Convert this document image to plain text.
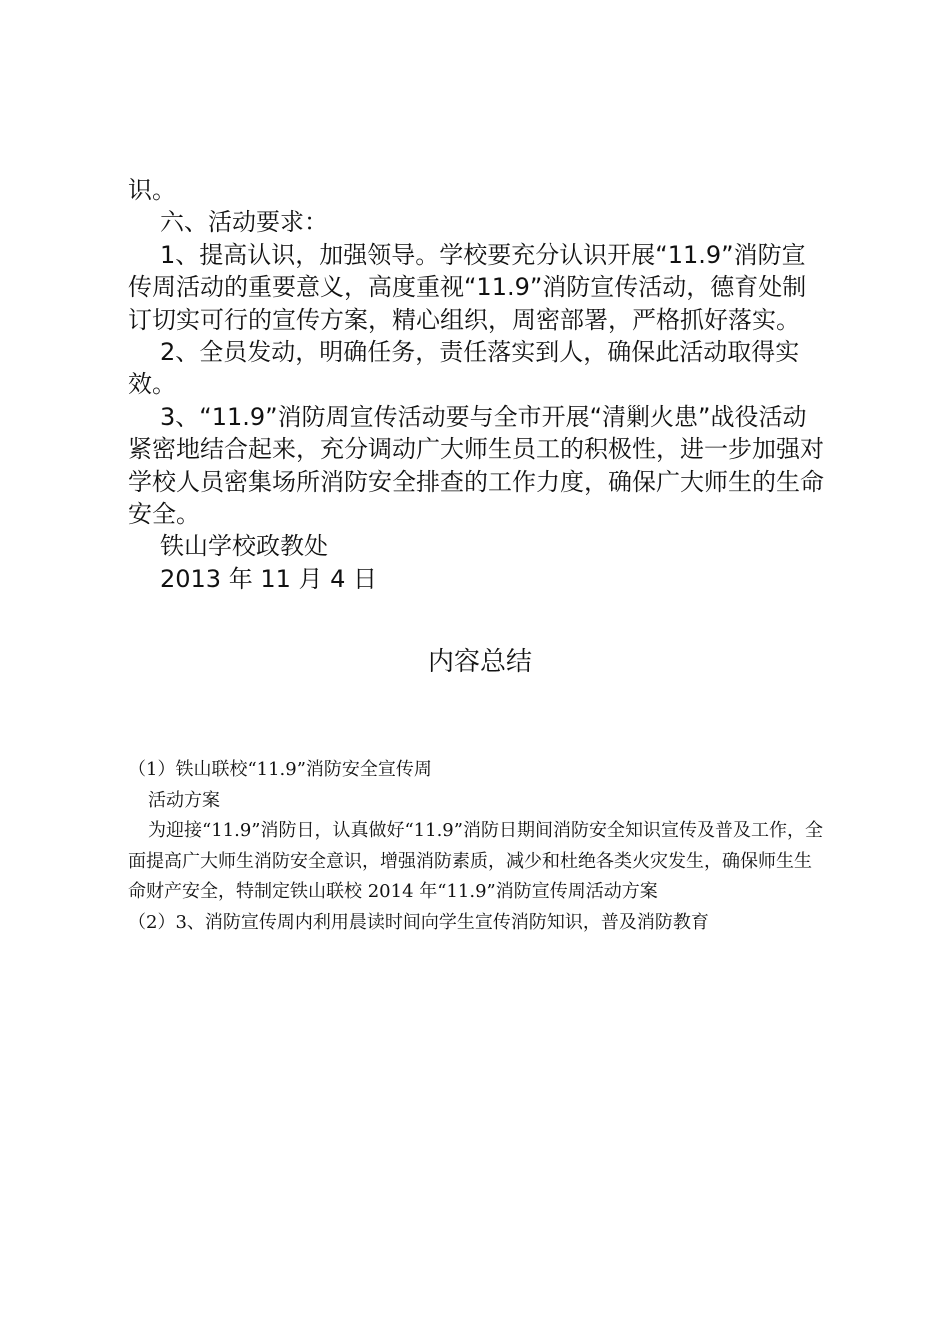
识。

六、活动要求：

1、提高认识，加强领导。学校要充分认识开展“11.9”消防宣传周活动的重要意义，高度重视“11.9”消防宣传活动，德育处制订切实可行的宣传方案，精心组织，周密部署，严格抓好落实。

2、全员发动，明确任务，责任落实到人，确保此活动取得实效。

3、“11.9”消防周宣传活动要与全市开展“清剿火患”战役活动紧密地结合起来，充分调动广大师生员工的积极性，进一步加强对学校人员密集场所消防安全排查的工作力度，确保广大师生的生命安全。

铁山学校政教处

2013 年 11 月 4 日

内容总结

（1）铁山联校“11.9”消防安全宣传周

活动方案

为迎接“11.9”消防日，认真做好“11.9”消防日期间消防安全知识宣传及普及工作，全面提高广大师生消防安全意识，增强消防素质，减少和杜绝各类火灾发生，确保师生生命财产安全，特制定铁山联校 2014 年“11.9”消防宣传周活动方案

（2）3、消防宣传周内利用晨读时间向学生宣传消防知识，普及消防教育
